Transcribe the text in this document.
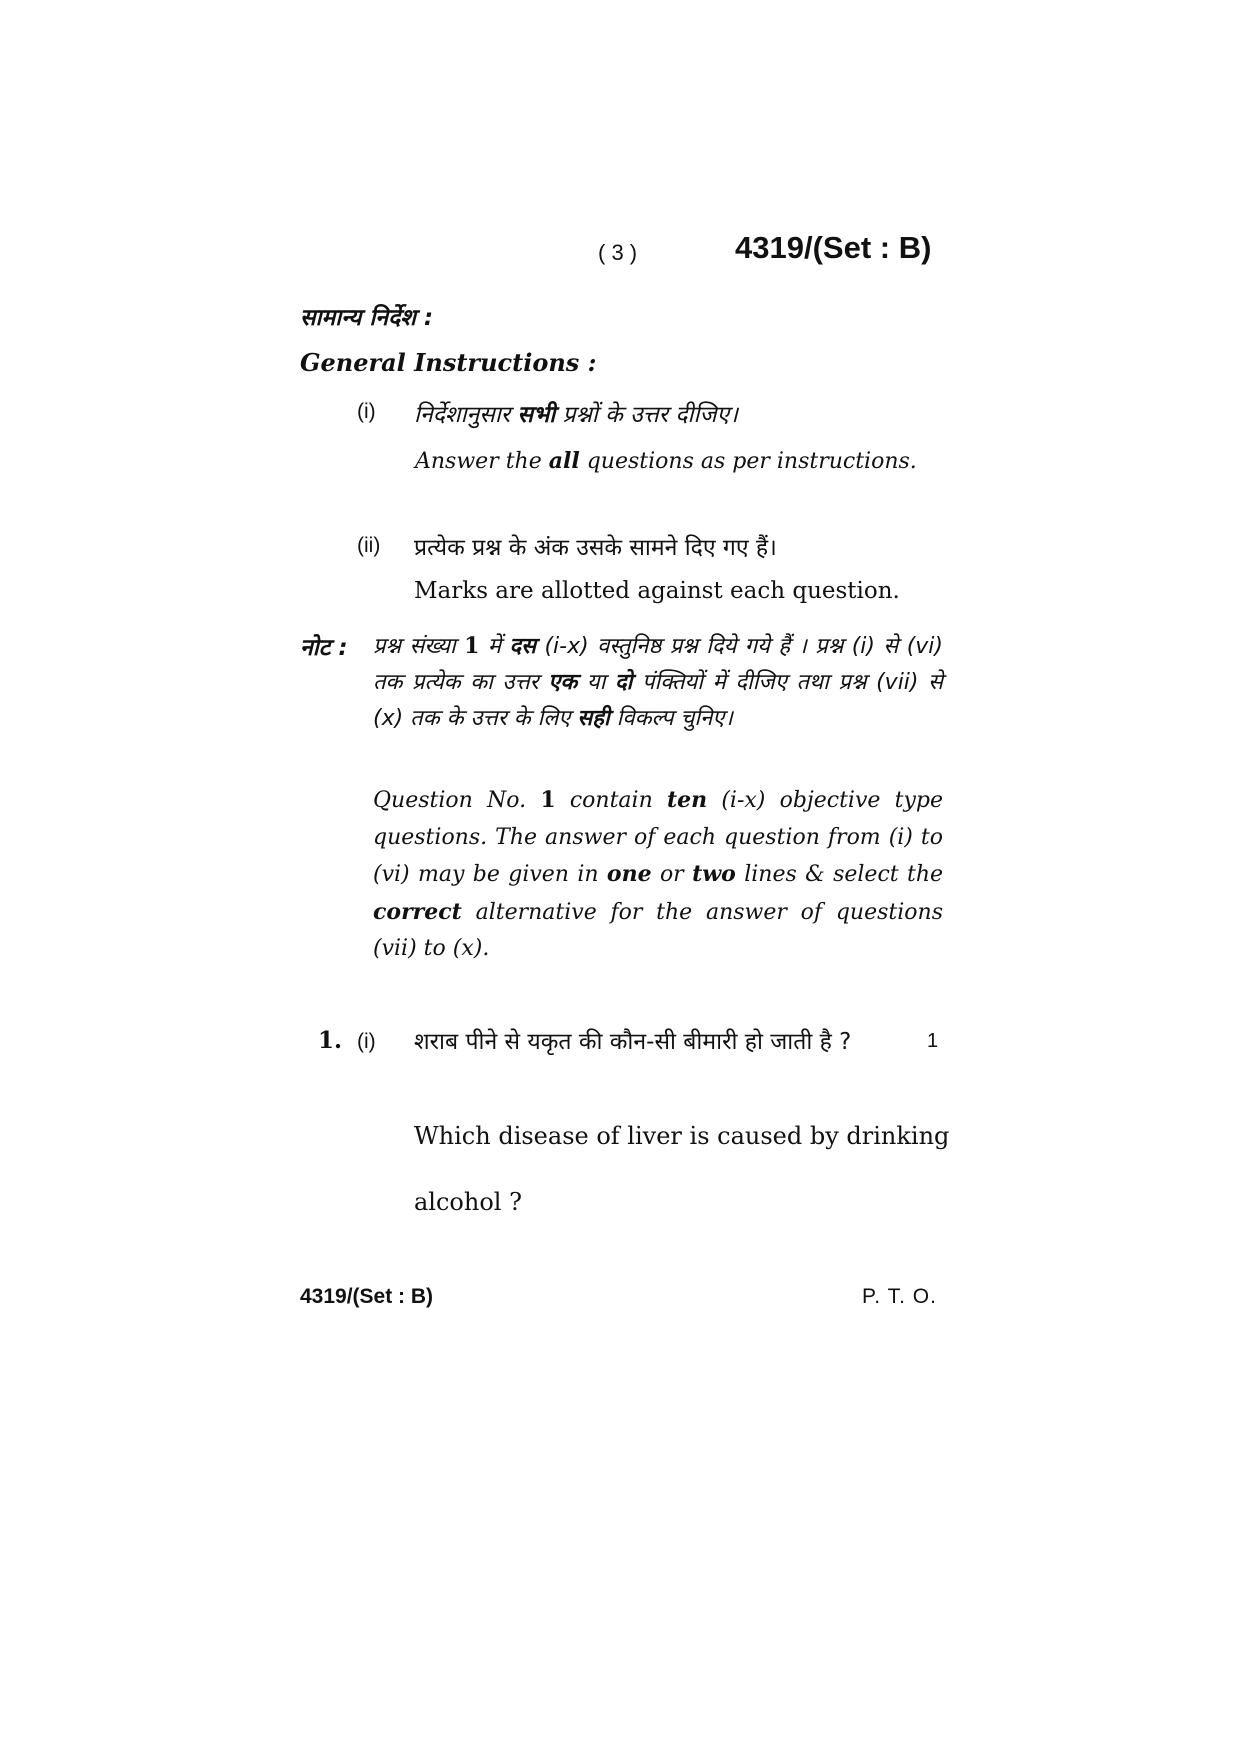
( 3 )	4319/(Set : B)
सामान्य निर्देश :
General Instructions :
(i) निर्देशानुसार सभी प्रश्नों के उत्तर दीजिए।
Answer the all questions as per instructions.
(ii) प्रत्येक प्रश्न के अंक उसके सामने दिए गए हैं।
Marks are allotted against each question.
नोट : प्रश्न संख्या 1 में दस (i-x) वस्तुनिष्ठ प्रश्न दिये गये हैं । प्रश्न (i) से (vi) तक प्रत्येक का उत्तर एक या दो पंक्तियों में दीजिए तथा प्रश्न (vii) से (x) तक के उत्तर के लिए सही विकल्प चुनिए।
Question No. 1 contain ten (i-x) objective type questions. The answer of each question from (i) to (vi) may be given in one or two lines & select the correct alternative for the answer of questions (vii) to (x).
1. (i) शराब पीने से यकृत की कौन-सी बीमारी हो जाती है ?	1
Which disease of liver is caused by drinking
alcohol ?
4319/(Set : B)	P. T. O.
